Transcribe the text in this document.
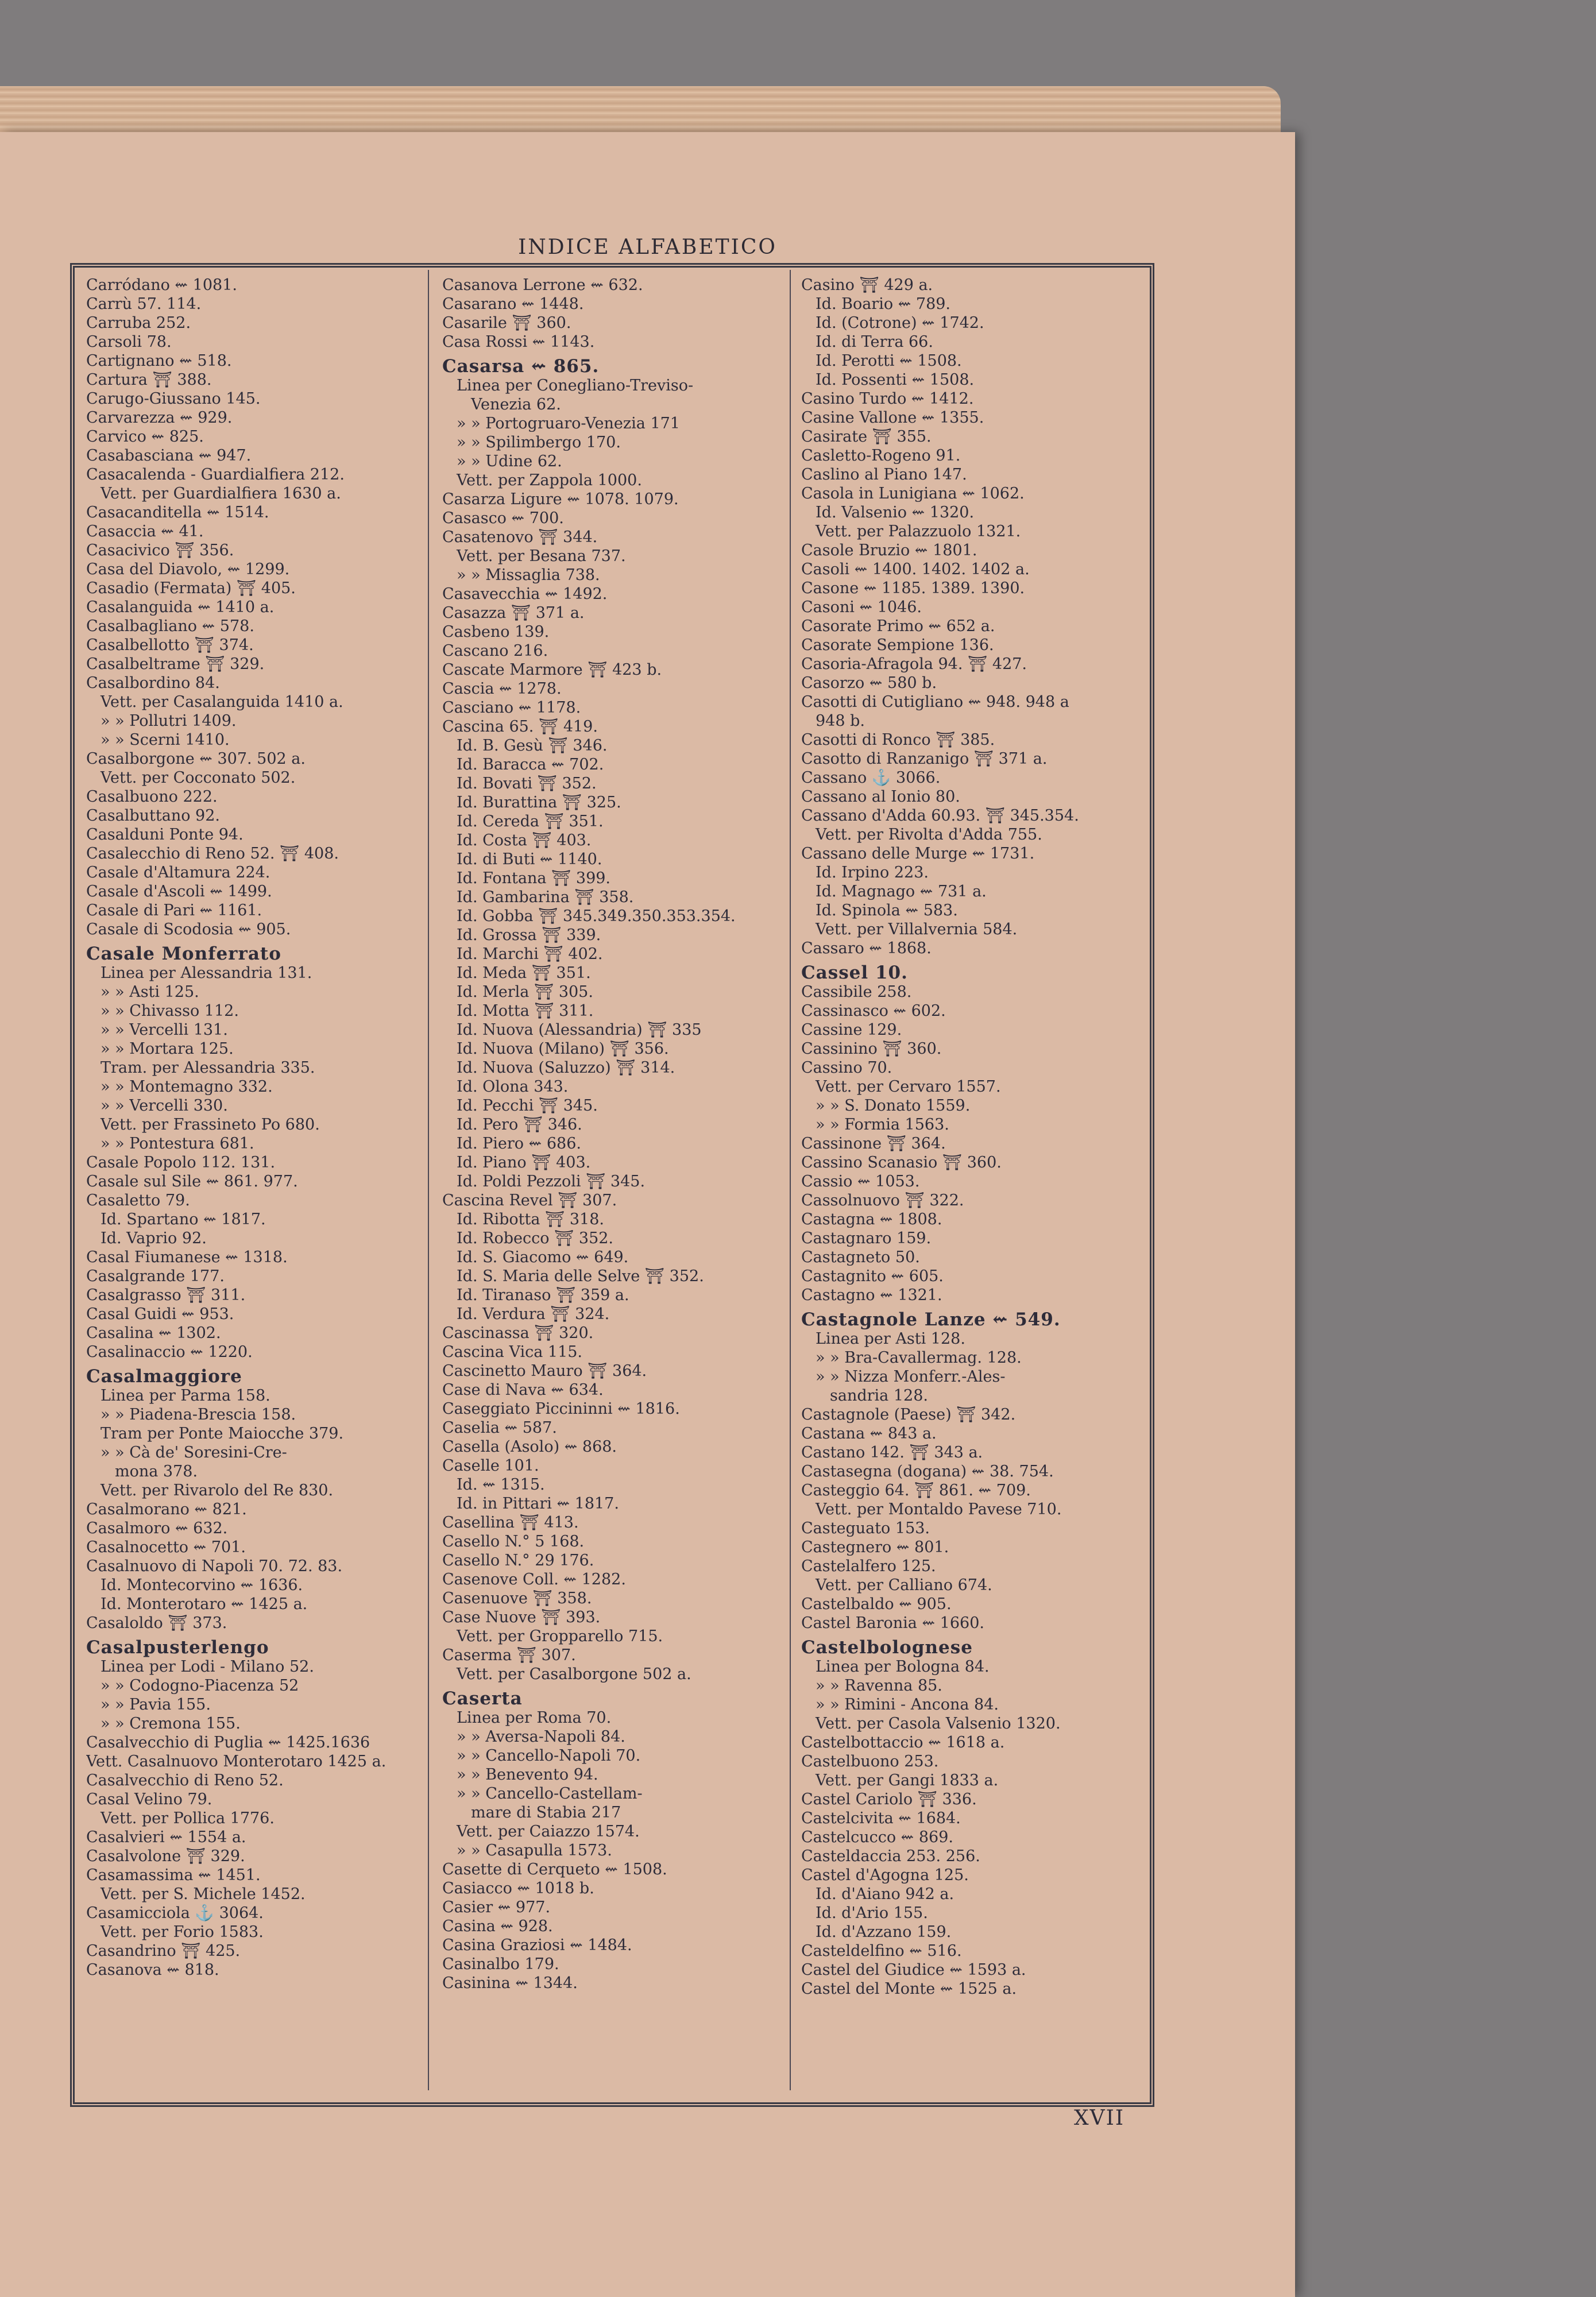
INDICE ALFABETICO
Carródano ⇜ 1081.
Carrù 57. 114.
Carruba 252.
Carsoli 78.
Cartignano ⇜ 518.
Cartura ⛩ 388.
Carugo-Giussano 145.
Carvarezza ⇜ 929.
Carvico ⇜ 825.
Casabasciana ⇜ 947.
Casacalenda - Guardialfiera 212.
Vett. per Guardialfiera 1630 a.
Casacanditella ⇜ 1514.
Casaccia ⇜ 41.
Casacivico ⛩ 356.
Casa del Diavolo, ⇜ 1299.
Casadio (Fermata) ⛩ 405.
Casalanguida ⇜ 1410 a.
Casalbagliano ⇜ 578.
Casalbellotto ⛩ 374.
Casalbeltrame ⛩ 329.
Casalbordino 84.
Vett. per Casalanguida 1410 a.
» » Pollutri 1409.
» » Scerni 1410.
Casalborgone ⇜ 307. 502 a.
Vett. per Cocconato 502.
Casalbuono 222.
Casalbuttano 92.
Casalduni Ponte 94.
Casalecchio di Reno 52. ⛩ 408.
Casale d'Altamura 224.
Casale d'Ascoli ⇜ 1499.
Casale di Pari ⇜ 1161.
Casale di Scodosia ⇜ 905.
Casale Monferrato
Linea per Alessandria 131.
» » Asti 125.
» » Chivasso 112.
» » Vercelli 131.
» » Mortara 125.
Tram. per Alessandria 335.
» » Montemagno 332.
» » Vercelli 330.
Vett. per Frassineto Po 680.
» » Pontestura 681.
Casale Popolo 112. 131.
Casale sul Sile ⇜ 861. 977.
Casaletto 79.
Id. Spartano ⇜ 1817.
Id. Vaprio 92.
Casal Fiumanese ⇜ 1318.
Casalgrande 177.
Casalgrasso ⛩ 311.
Casal Guidi ⇜ 953.
Casalina ⇜ 1302.
Casalinaccio ⇜ 1220.
Casalmaggiore
Linea per Parma 158.
» » Piadena-Brescia 158.
Tram per Ponte Maiocche 379.
» » Cà de' Soresini-Cre-
mona 378.
Vett. per Rivarolo del Re 830.
Casalmorano ⇜ 821.
Casalmoro ⇜ 632.
Casalnocetto ⇜ 701.
Casalnuovo di Napoli 70. 72. 83.
Id. Montecorvino ⇜ 1636.
Id. Monterotaro ⇜ 1425 a.
Casaloldo ⛩ 373.
Casalpusterlengo
Linea per Lodi - Milano 52.
» » Codogno-Piacenza 52
» » Pavia 155.
» » Cremona 155.
Casalvecchio di Puglia ⇜ 1425.1636
Vett. Casalnuovo Monterotaro 1425 a.
Casalvecchio di Reno 52.
Casal Velino 79.
Vett. per Pollica 1776.
Casalvieri ⇜ 1554 a.
Casalvolone ⛩ 329.
Casamassima ⇜ 1451.
Vett. per S. Michele 1452.
Casamicciola ⚓ 3064.
Vett. per Forio 1583.
Casandrino ⛩ 425.
Casanova ⇜ 818.
Casanova Lerrone ⇜ 632.
Casarano ⇜ 1448.
Casarile ⛩ 360.
Casa Rossi ⇜ 1143.
Casarsa ⇜ 865.
Linea per Conegliano-Treviso-
Venezia 62.
» » Portogruaro-Venezia 171
» » Spilimbergo 170.
» » Udine 62.
Vett. per Zappola 1000.
Casarza Ligure ⇜ 1078. 1079.
Casasco ⇜ 700.
Casatenovo ⛩ 344.
Vett. per Besana 737.
» » Missaglia 738.
Casavecchia ⇜ 1492.
Casazza ⛩ 371 a.
Casbeno 139.
Cascano 216.
Cascate Marmore ⛩ 423 b.
Cascia ⇜ 1278.
Casciano ⇜ 1178.
Cascina 65. ⛩ 419.
Id. B. Gesù ⛩ 346.
Id. Baracca ⇜ 702.
Id. Bovati ⛩ 352.
Id. Burattina ⛩ 325.
Id. Cereda ⛩ 351.
Id. Costa ⛩ 403.
Id. di Buti ⇜ 1140.
Id. Fontana ⛩ 399.
Id. Gambarina ⛩ 358.
Id. Gobba ⛩ 345.349.350.353.354.
Id. Grossa ⛩ 339.
Id. Marchi ⛩ 402.
Id. Meda ⛩ 351.
Id. Merla ⛩ 305.
Id. Motta ⛩ 311.
Id. Nuova (Alessandria) ⛩ 335
Id. Nuova (Milano) ⛩ 356.
Id. Nuova (Saluzzo) ⛩ 314.
Id. Olona 343.
Id. Pecchi ⛩ 345.
Id. Pero ⛩ 346.
Id. Piero ⇜ 686.
Id. Piano ⛩ 403.
Id. Poldi Pezzoli ⛩ 345.
Cascina Revel ⛩ 307.
Id. Ribotta ⛩ 318.
Id. Robecco ⛩ 352.
Id. S. Giacomo ⇜ 649.
Id. S. Maria delle Selve ⛩ 352.
Id. Tiranaso ⛩ 359 a.
Id. Verdura ⛩ 324.
Cascinassa ⛩ 320.
Cascina Vica 115.
Cascinetto Mauro ⛩ 364.
Case di Nava ⇜ 634.
Caseggiato Piccininni ⇜ 1816.
Caselia ⇜ 587.
Casella (Asolo) ⇜ 868.
Caselle 101.
Id. ⇜ 1315.
Id. in Pittari ⇜ 1817.
Casellina ⛩ 413.
Casello N.° 5 168.
Casello N.° 29 176.
Casenove Coll. ⇜ 1282.
Casenuove ⛩ 358.
Case Nuove ⛩ 393.
Vett. per Gropparello 715.
Caserma ⛩ 307.
Vett. per Casalborgone 502 a.
Caserta
Linea per Roma 70.
» » Aversa-Napoli 84.
» » Cancello-Napoli 70.
» » Benevento 94.
» » Cancello-Castellam-
mare di Stabia 217
Vett. per Caiazzo 1574.
» » Casapulla 1573.
Casette di Cerqueto ⇜ 1508.
Casiacco ⇜ 1018 b.
Casier ⇜ 977.
Casina ⇜ 928.
Casina Graziosi ⇜ 1484.
Casinalbo 179.
Casinina ⇜ 1344.
Casino ⛩ 429 a.
Id. Boario ⇜ 789.
Id. (Cotrone) ⇜ 1742.
Id. di Terra 66.
Id. Perotti ⇜ 1508.
Id. Possenti ⇜ 1508.
Casino Turdo ⇜ 1412.
Casine Vallone ⇜ 1355.
Casirate ⛩ 355.
Casletto-Rogeno 91.
Caslino al Piano 147.
Casola in Lunigiana ⇜ 1062.
Id. Valsenio ⇜ 1320.
Vett. per Palazzuolo 1321.
Casole Bruzio ⇜ 1801.
Casoli ⇜ 1400. 1402. 1402 a.
Casone ⇜ 1185. 1389. 1390.
Casoni ⇜ 1046.
Casorate Primo ⇜ 652 a.
Casorate Sempione 136.
Casoria-Afragola 94. ⛩ 427.
Casorzo ⇜ 580 b.
Casotti di Cutigliano ⇜ 948. 948 a
948 b.
Casotti di Ronco ⛩ 385.
Casotto di Ranzanigo ⛩ 371 a.
Cassano ⚓ 3066.
Cassano al Ionio 80.
Cassano d'Adda 60.93. ⛩ 345.354.
Vett. per Rivolta d'Adda 755.
Cassano delle Murge ⇜ 1731.
Id. Irpino 223.
Id. Magnago ⇜ 731 a.
Id. Spinola ⇜ 583.
Vett. per Villalvernia 584.
Cassaro ⇜ 1868.
Cassel 10.
Cassibile 258.
Cassinasco ⇜ 602.
Cassine 129.
Cassinino ⛩ 360.
Cassino 70.
Vett. per Cervaro 1557.
» » S. Donato 1559.
» » Formia 1563.
Cassinone ⛩ 364.
Cassino Scanasio ⛩ 360.
Cassio ⇜ 1053.
Cassolnuovo ⛩ 322.
Castagna ⇜ 1808.
Castagnaro 159.
Castagneto 50.
Castagnito ⇜ 605.
Castagno ⇜ 1321.
Castagnole Lanze ⇜ 549.
Linea per Asti 128.
» » Bra-Cavallermag. 128.
» » Nizza Monferr.-Ales-
sandria 128.
Castagnole (Paese) ⛩ 342.
Castana ⇜ 843 a.
Castano 142. ⛩ 343 a.
Castasegna (dogana) ⇜ 38. 754.
Casteggio 64. ⛩ 861. ⇜ 709.
Vett. per Montaldo Pavese 710.
Casteguato 153.
Castegnero ⇜ 801.
Castelalfero 125.
Vett. per Calliano 674.
Castelbaldo ⇜ 905.
Castel Baronia ⇜ 1660.
Castelbolognese
Linea per Bologna 84.
» » Ravenna 85.
» » Rimini - Ancona 84.
Vett. per Casola Valsenio 1320.
Castelbottaccio ⇜ 1618 a.
Castelbuono 253.
Vett. per Gangi 1833 a.
Castel Cariolo ⛩ 336.
Castelcivita ⇜ 1684.
Castelcucco ⇜ 869.
Casteldaccia 253. 256.
Castel d'Agogna 125.
Id. d'Aiano 942 a.
Id. d'Ario 155.
Id. d'Azzano 159.
Casteldelfino ⇜ 516.
Castel del Giudice ⇜ 1593 a.
Castel del Monte ⇜ 1525 a.
XVII
